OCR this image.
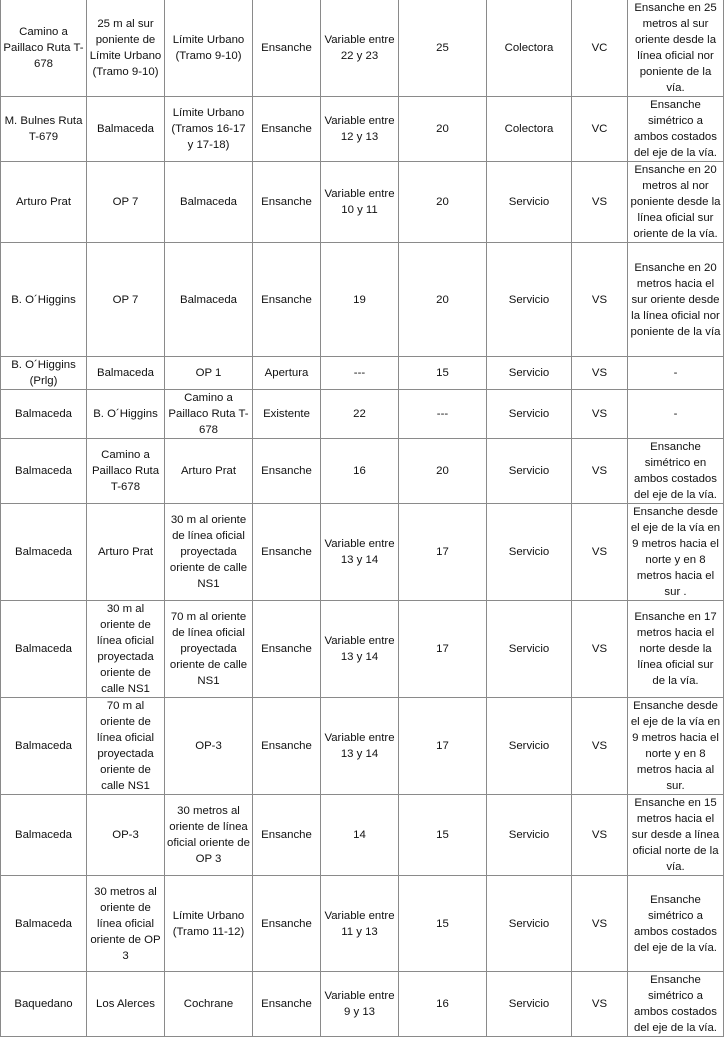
Camino a Paillaco Ruta T-678	25 m al sur poniente de Límite Urbano (Tramo 9-10)	Límite Urbano (Tramo 9-10)	Ensanche	Variable entre 22 y 23	25	Colectora	VC	Ensanche en 25 metros al sur oriente desde la línea oficial nor poniente de la vía.
M. Bulnes Ruta T-679	Balmaceda	Límite Urbano (Tramos 16-17 y 17-18)	Ensanche	Variable entre 12 y 13	20	Colectora	VC	Ensanche simétrico a ambos costados del eje de la vía.
Arturo Prat	OP 7	Balmaceda	Ensanche	Variable entre 10 y 11	20	Servicio	VS	Ensanche en 20 metros al nor poniente desde la línea oficial sur oriente de la vía.
B. O´Higgins	OP 7	Balmaceda	Ensanche	19	20	Servicio	VS	Ensanche en 20 metros hacia el sur oriente desde la línea oficial nor poniente de la vía
B. O´Higgins (Prlg)	Balmaceda	OP 1	Apertura	---	15	Servicio	VS	-
Balmaceda	B. O´Higgins	Camino a Paillaco Ruta T-678	Existente	22	---	Servicio	VS	-
Balmaceda	Camino a Paillaco Ruta T-678	Arturo Prat	Ensanche	16	20	Servicio	VS	Ensanche simétrico en ambos costados del eje de la vía.
Balmaceda	Arturo Prat	30 m al oriente de línea oficial proyectada oriente de calle NS1	Ensanche	Variable entre 13 y 14	17	Servicio	VS	Ensanche desde el eje de la vía en 9 metros hacia el norte y en 8 metros hacia el sur .
Balmaceda	30 m al oriente de línea oficial proyectada oriente de calle NS1	70 m al oriente de línea oficial proyectada oriente de calle NS1	Ensanche	Variable entre 13 y 14	17	Servicio	VS	Ensanche en 17 metros hacia el norte desde la línea oficial sur de la vía.
Balmaceda	70 m al oriente de línea oficial proyectada oriente de calle NS1	OP-3	Ensanche	Variable entre 13 y 14	17	Servicio	VS	Ensanche desde el eje de la vía en 9 metros hacia el norte y en 8 metros hacia al sur.
Balmaceda	OP-3	30 metros al oriente de línea oficial oriente de OP 3	Ensanche	14	15	Servicio	VS	Ensanche en 15 metros hacia el sur desde a línea oficial norte de la vía.
Balmaceda	30 metros al oriente de línea oficial oriente de OP 3	Límite Urbano (Tramo 11-12)	Ensanche	Variable entre 11 y 13	15	Servicio	VS	Ensanche simétrico a ambos costados del eje de la vía.
Baquedano	Los Alerces	Cochrane	Ensanche	Variable entre 9 y 13	16	Servicio	VS	Ensanche simétrico a ambos costados del eje de la vía.
